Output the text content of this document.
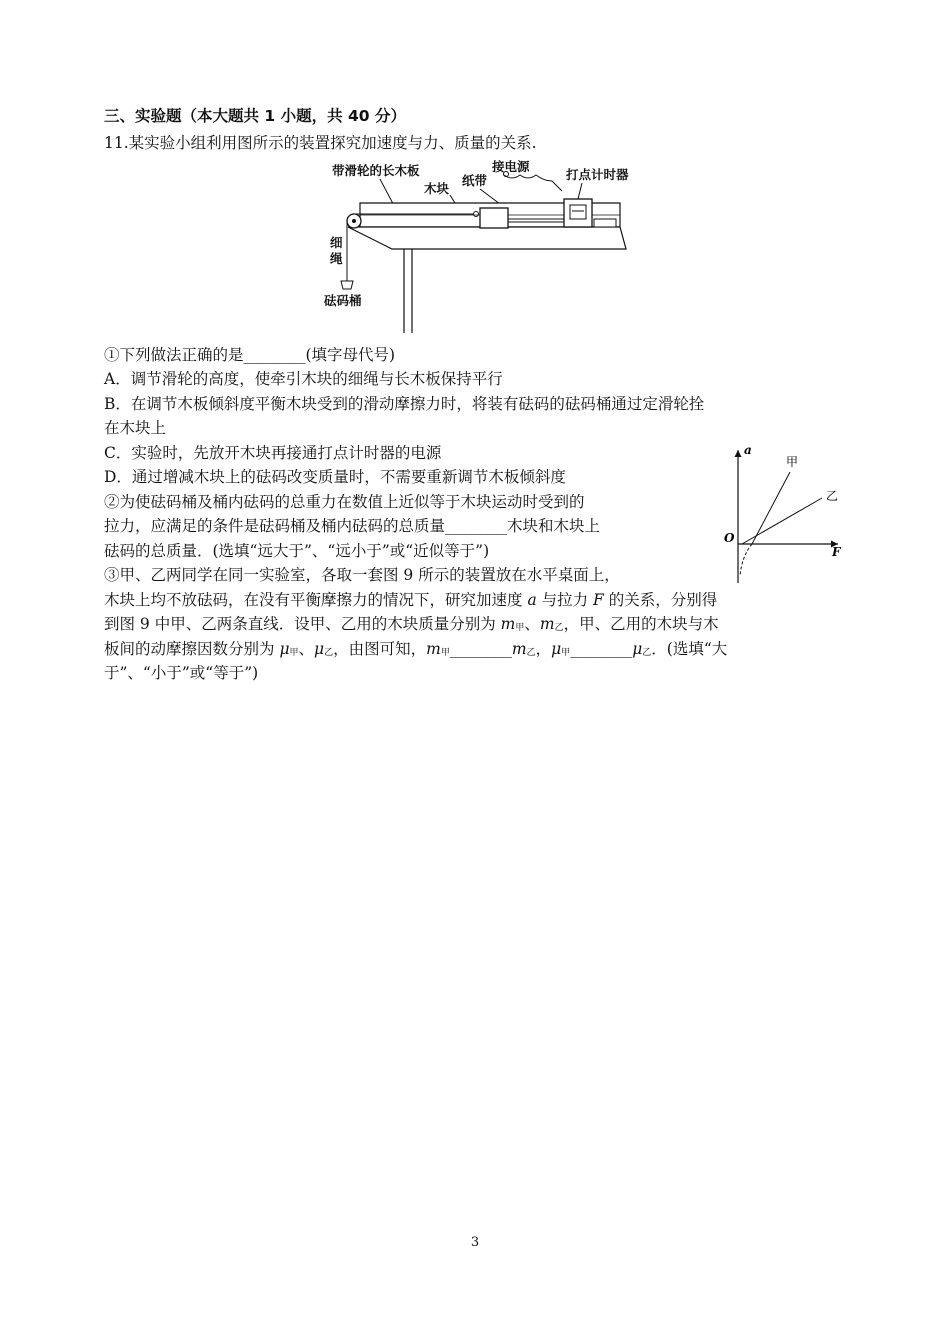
三、实验题（本大题共 1 小题，共 40 分）
11.某实验小组利用图所示的装置探究加速度与力、质量的关系.
带滑轮的长木板	接电源
打点计时器
木块
纸带
细
绳
砝码桶
①下列做法正确的是________(填字母代号)
A．调节滑轮的高度，使牵引木块的细绳与长木板保持平行
B．在调节木板倾斜度平衡木块受到的滑动摩擦力时，将装有砝码的砝码桶通过定滑轮拴
在木块上
C．实验时，先放开木块再接通打点计时器的电源
D．通过增减木块上的砝码改变质量时，不需要重新调节木板倾斜度
②为使砝码桶及桶内砝码的总重力在数值上近似等于木块运动时受到的
拉力，应满足的条件是砝码桶及桶内砝码的总质量________木块和木块上
砝码的总质量．(选填“远大于”、“远小于”或“近似等于”)
③甲、乙两同学在同一实验室，各取一套图 9 所示的装置放在水平桌面上，
木块上均不放砝码，在没有平衡摩擦力的情况下，研究加速度 a 与拉力 F 的关系，分别得
到图 9 中甲、乙两条直线．设甲、乙用的木块质量分别为 $m_甲$、$m_乙$，甲、乙用的木块与木
板间的动摩擦因数分别为 $\mu_甲$、$\mu_乙$，由图可知，$m_甲\_\_\_\_\_\_\_\_m_乙$，$\mu_甲\_\_\_\_\_\_\_\_\mu_乙$．(选填“大
于”、“小于”或“等于”)
a
F
O
甲
乙
3
